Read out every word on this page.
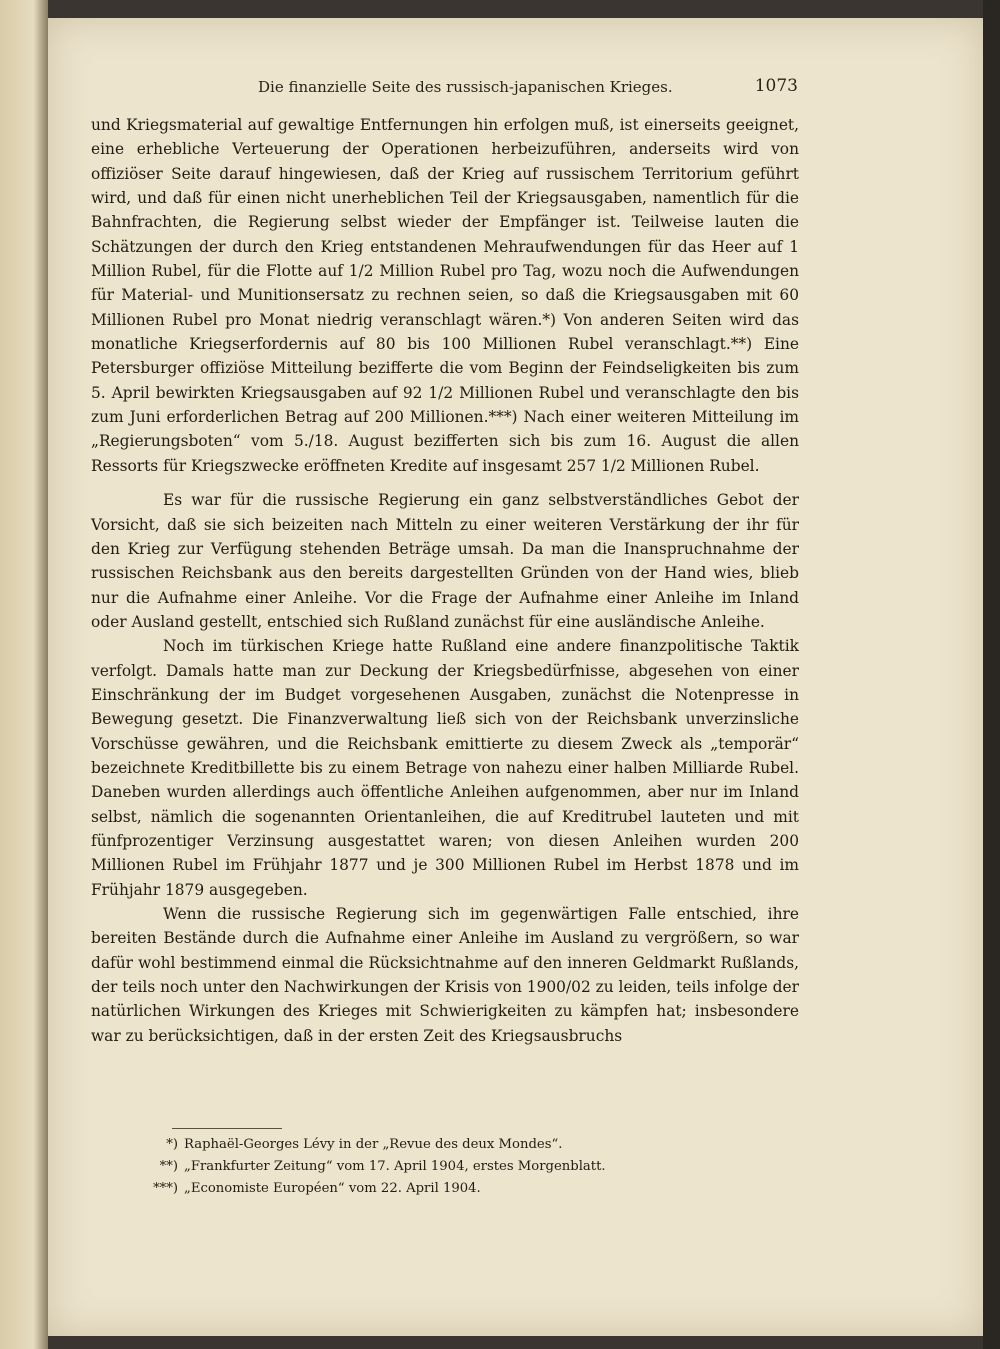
Die finanzielle Seite des russisch-japanischen Krieges.	1073

und Kriegsmaterial auf gewaltige Entfernungen hin erfolgen muß, ist einerseits geeignet, eine erhebliche Verteuerung der Operationen herbeizuführen, anderseits wird von offiziöser Seite darauf hingewiesen, daß der Krieg auf russischem Territorium geführt wird, und daß für einen nicht unerheblichen Teil der Kriegsausgaben, namentlich für die Bahnfrachten, die Regierung selbst wieder der Empfänger ist. Teilweise lauten die Schätzungen der durch den Krieg entstandenen Mehraufwendungen für das Heer auf 1 Million Rubel, für die Flotte auf 1/2 Million Rubel pro Tag, wozu noch die Aufwendungen für Material- und Munitionsersatz zu rechnen seien, so daß die Kriegsausgaben mit 60 Millionen Rubel pro Monat niedrig veranschlagt wären.*) Von anderen Seiten wird das monatliche Kriegserfordernis auf 80 bis 100 Millionen Rubel veranschlagt.**) Eine Petersburger offiziöse Mitteilung bezifferte die vom Beginn der Feindseligkeiten bis zum 5. April bewirkten Kriegsausgaben auf 92 1/2 Millionen Rubel und veranschlagte den bis zum Juni erforderlichen Betrag auf 200 Millionen.***) Nach einer weiteren Mitteilung im „Regierungsboten“ vom 5./18. August bezifferten sich bis zum 16. August die allen Ressorts für Kriegszwecke eröffneten Kredite auf insgesamt 257 1/2 Millionen Rubel.

Es war für die russische Regierung ein ganz selbstverständliches Gebot der Vorsicht, daß sie sich beizeiten nach Mitteln zu einer weiteren Verstärkung der ihr für den Krieg zur Verfügung stehenden Beträge umsah. Da man die Inanspruchnahme der russischen Reichsbank aus den bereits dargestellten Gründen von der Hand wies, blieb nur die Aufnahme einer Anleihe. Vor die Frage der Aufnahme einer Anleihe im Inland oder Ausland gestellt, entschied sich Rußland zunächst für eine ausländische Anleihe.

Noch im türkischen Kriege hatte Rußland eine andere finanzpolitische Taktik verfolgt. Damals hatte man zur Deckung der Kriegsbedürfnisse, abgesehen von einer Einschränkung der im Budget vorgesehenen Ausgaben, zunächst die Notenpresse in Bewegung gesetzt. Die Finanzverwaltung ließ sich von der Reichsbank unverzinsliche Vorschüsse gewähren, und die Reichsbank emittierte zu diesem Zweck als „temporär“ bezeichnete Kreditbillette bis zu einem Betrage von nahezu einer halben Milliarde Rubel. Daneben wurden allerdings auch öffentliche Anleihen aufgenommen, aber nur im Inland selbst, nämlich die sogenannten Orientanleihen, die auf Kreditrubel lauteten und mit fünfprozentiger Verzinsung ausgestattet waren; von diesen Anleihen wurden 200 Millionen Rubel im Frühjahr 1877 und je 300 Millionen Rubel im Herbst 1878 und im Frühjahr 1879 ausgegeben.

Wenn die russische Regierung sich im gegenwärtigen Falle entschied, ihre bereiten Bestände durch die Aufnahme einer Anleihe im Ausland zu vergrößern, so war dafür wohl bestimmend einmal die Rücksichtnahme auf den inneren Geldmarkt Rußlands, der teils noch unter den Nachwirkungen der Krisis von 1900/02 zu leiden, teils infolge der natürlichen Wirkungen des Krieges mit Schwierigkeiten zu kämpfen hat; insbesondere war zu berücksichtigen, daß in der ersten Zeit des Kriegsausbruchs

*) Raphaël-Georges Lévy in der „Revue des deux Mondes“.
**) „Frankfurter Zeitung“ vom 17. April 1904, erstes Morgenblatt.
***) „Economiste Européen“ vom 22. April 1904.
